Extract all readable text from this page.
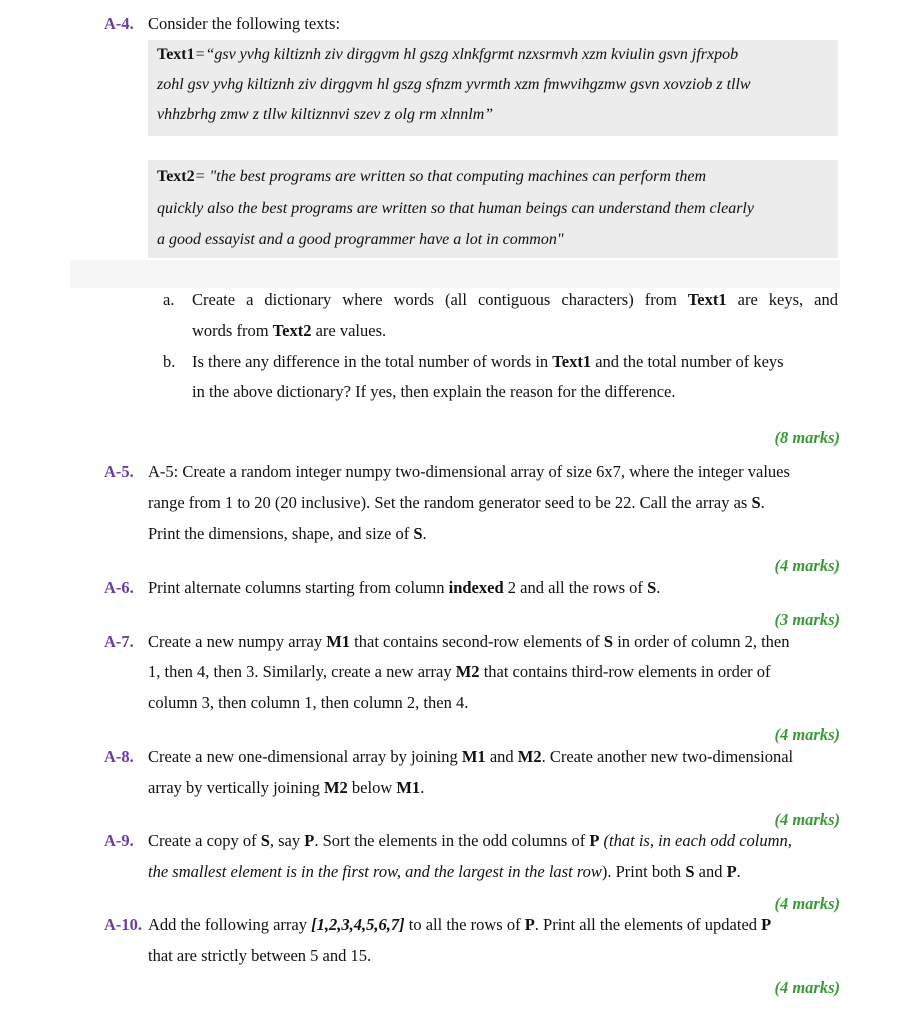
A-4. Consider the following texts:
Text1=“gsv yvhg kiltiznh ziv dirggvm hl gszg xlnkfgrmt nzxsrmvh xzm kviulin gsvn jfrxpob
zohl gsv yvhg kiltiznh ziv dirggvm hl gszg sfnzm yvrmth xzm fmwvihgzmw gsvn xovziob z tllw
vhhzbrhg zmw z tllw kiltiznnvi szev z olg rm xlnnlm”
Text2= "the best programs are written so that computing machines can perform them
quickly also the best programs are written so that human beings can understand them clearly
a good essayist and a good programmer have a lot in common"
a. Create a dictionary where words (all contiguous characters) from Text1 are keys, and
words from Text2 are values.
b. Is there any difference in the total number of words in Text1 and the total number of keys
in the above dictionary? If yes, then explain the reason for the difference.
(8 marks)
A-5. A-5: Create a random integer numpy two-dimensional array of size 6x7, where the integer values
range from 1 to 20 (20 inclusive). Set the random generator seed to be 22. Call the array as S.
Print the dimensions, shape, and size of S.
(4 marks)
A-6. Print alternate columns starting from column indexed 2 and all the rows of S.
(3 marks)
A-7. Create a new numpy array M1 that contains second-row elements of S in order of column 2, then
1, then 4, then 3. Similarly, create a new array M2 that contains third-row elements in order of
column 3, then column 1, then column 2, then 4.
(4 marks)
A-8. Create a new one-dimensional array by joining M1 and M2. Create another new two-dimensional
array by vertically joining M2 below M1.
(4 marks)
A-9. Create a copy of S, say P. Sort the elements in the odd columns of P (that is, in each odd column,
the smallest element is in the first row, and the largest in the last row). Print both S and P.
(4 marks)
A-10. Add the following array [1,2,3,4,5,6,7] to all the rows of P. Print all the elements of updated P
that are strictly between 5 and 15.
(4 marks)
